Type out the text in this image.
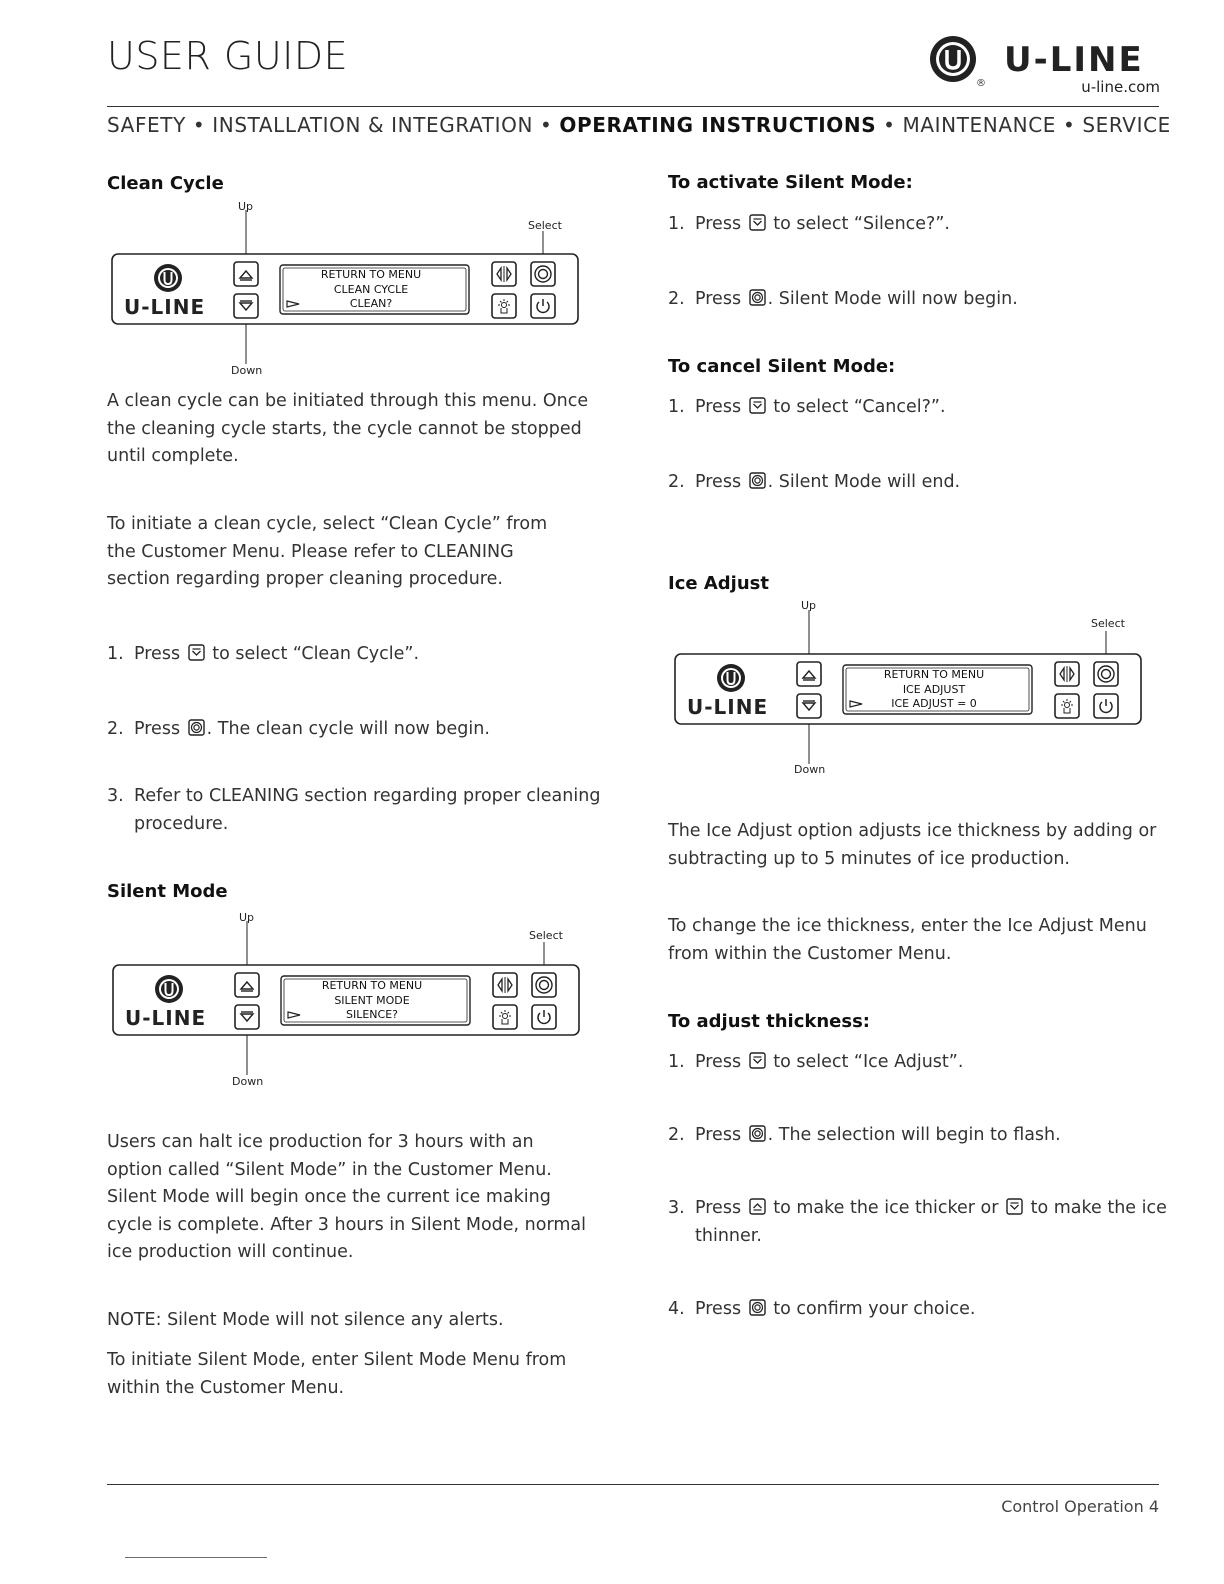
USER GUIDE
®
U-LINE
u-line.com
SAFETY • INSTALLATION & INTEGRATION • OPERATING INSTRUCTIONS • MAINTENANCE • SERVICE
Clean Cycle
Up
Select
Down
U-LINE
RETURN TO MENU
CLEAN CYCLE
CLEAN?
A clean cycle can be initiated through this menu. Once the cleaning cycle starts, the cycle cannot be stopped until complete.
To initiate a clean cycle, select “Clean Cycle” from the Customer Menu. Please refer to CLEANING section regarding proper cleaning procedure.
1. Press to select “Clean Cycle”.
2. Press . The clean cycle will now begin.
3. Refer to CLEANING section regarding proper cleaning
procedure.
Silent Mode
Up
Select
Down
U-LINE
RETURN TO MENU
SILENT MODE
SILENCE?
Users can halt ice production for 3 hours with an option called “Silent Mode” in the Customer Menu. Silent Mode will begin once the current ice making cycle is complete. After 3 hours in Silent Mode, normal ice production will continue.
NOTE: Silent Mode will not silence any alerts.
To initiate Silent Mode, enter Silent Mode Menu from within the Customer Menu.
To activate Silent Mode:
1. Press to select “Silence?”.
2. Press . Silent Mode will now begin.
To cancel Silent Mode:
1. Press to select “Cancel?”.
2. Press . Silent Mode will end.
Ice Adjust
Up
Select
Down
U-LINE
RETURN TO MENU
ICE ADJUST
ICE ADJUST = 0
The Ice Adjust option adjusts ice thickness by adding or subtracting up to 5 minutes of ice production.
To change the ice thickness, enter the Ice Adjust Menu from within the Customer Menu.
To adjust thickness:
1. Press to select “Ice Adjust”.
2. Press . The selection will begin to flash.
3. Press to make the ice thicker or to make the ice
thinner.
4. Press to confirm your choice.
Control Operation 4
